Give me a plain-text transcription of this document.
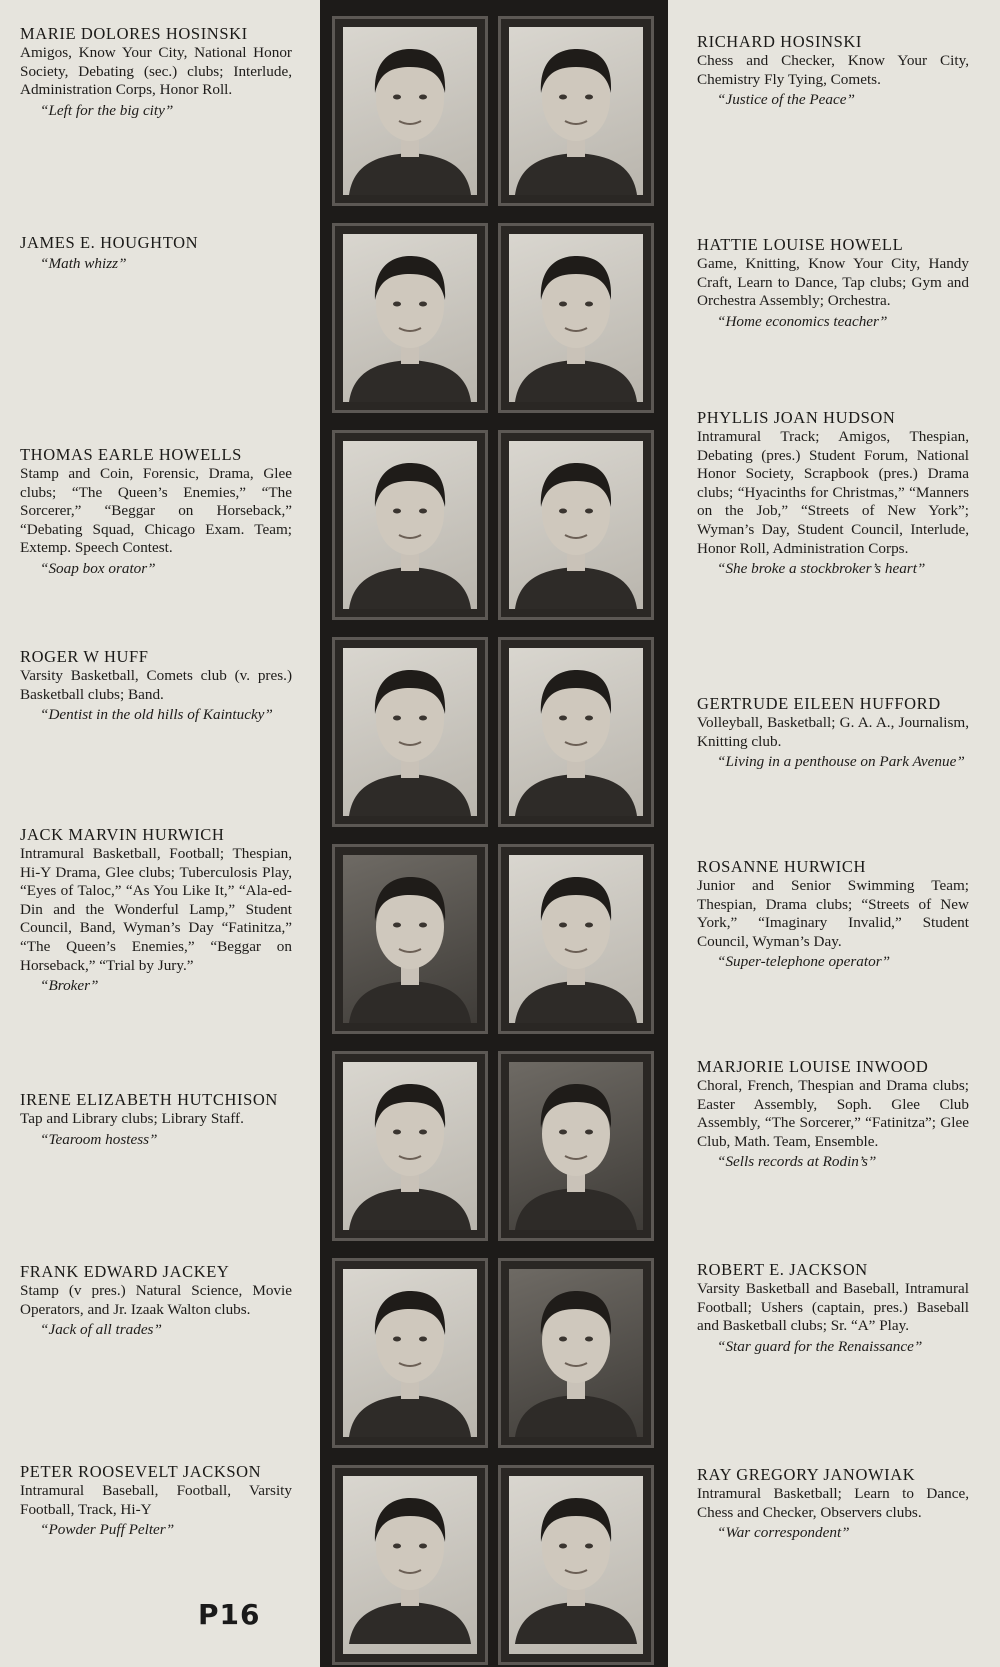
MARIE DOLORES HOSINSKI
Amigos, Know Your City, National Honor Society, Debating (sec.) clubs; Interlude, Administration Corps, Honor Roll.
“Left for the big city”
JAMES E. HOUGHTON
“Math whizz”
THOMAS EARLE HOWELLS
Stamp and Coin, Forensic, Drama, Glee clubs; “The Queen’s Enemies,” “The Sorcerer,” “Beggar on Horseback,” “Debating Squad, Chicago Exam. Team; Extemp. Speech Contest.
“Soap box orator”
ROGER W HUFF
Varsity Basketball, Comets club (v. pres.) Basketball clubs; Band.
“Dentist in the old hills of Kaintucky”
JACK MARVIN HURWICH
Intramural Basketball, Football; Thespian, Hi-Y Drama, Glee clubs; Tuberculosis Play, “Eyes of Taloc,” “As You Like It,” “Ala-ed-Din and the Wonderful Lamp,” Student Council, Band, Wyman’s Day “Fatinitza,” “The Queen’s Enemies,” “Beggar on Horseback,” “Trial by Jury.”
“Broker”
IRENE ELIZABETH HUTCHISON
Tap and Library clubs; Library Staff.
“Tearoom hostess”
FRANK EDWARD JACKEY
Stamp (v pres.) Natural Science, Movie Operators, and Jr. Izaak Walton clubs.
“Jack of all trades”
PETER ROOSEVELT JACKSON
Intramural Baseball, Football, Varsity Football, Track, Hi-Y
“Powder Puff Pelter”
RICHARD HOSINSKI
Chess and Checker, Know Your City, Chemistry Fly Tying, Comets.
“Justice of the Peace”
HATTIE LOUISE HOWELL
Game, Knitting, Know Your City, Handy Craft, Learn to Dance, Tap clubs; Gym and Orchestra Assembly; Orchestra.
“Home economics teacher”
PHYLLIS JOAN HUDSON
Intramural Track; Amigos, Thespian, Debating (pres.) Student Forum, National Honor Society, Scrapbook (pres.) Drama clubs; “Hyacinths for Christmas,” “Manners on the Job,” “Streets of New York”; Wyman’s Day, Student Council, Interlude, Honor Roll, Administration Corps.
“She broke a stockbroker’s heart”
GERTRUDE EILEEN HUFFORD
Volleyball, Basketball; G. A. A., Journalism, Knitting club.
“Living in a penthouse on Park Avenue”
ROSANNE HURWICH
Junior and Senior Swimming Team; Thespian, Drama clubs; “Streets of New York,” “Imaginary Invalid,” Student Council, Wyman’s Day.
“Super-telephone operator”
MARJORIE LOUISE INWOOD
Choral, French, Thespian and Drama clubs; Easter Assembly, Soph. Glee Club Assembly, “The Sorcerer,” “Fatinitza”; Glee Club, Math. Team, Ensemble.
“Sells records at Rodin’s”
ROBERT E. JACKSON
Varsity Basketball and Baseball, Intramural Football; Ushers (captain, pres.) Baseball and Basketball clubs; Sr. “A” Play.
“Star guard for the Renaissance”
RAY GREGORY JANOWIAK
Intramural Basketball; Learn to Dance, Chess and Checker, Observers clubs.
“War correspondent”
P16
